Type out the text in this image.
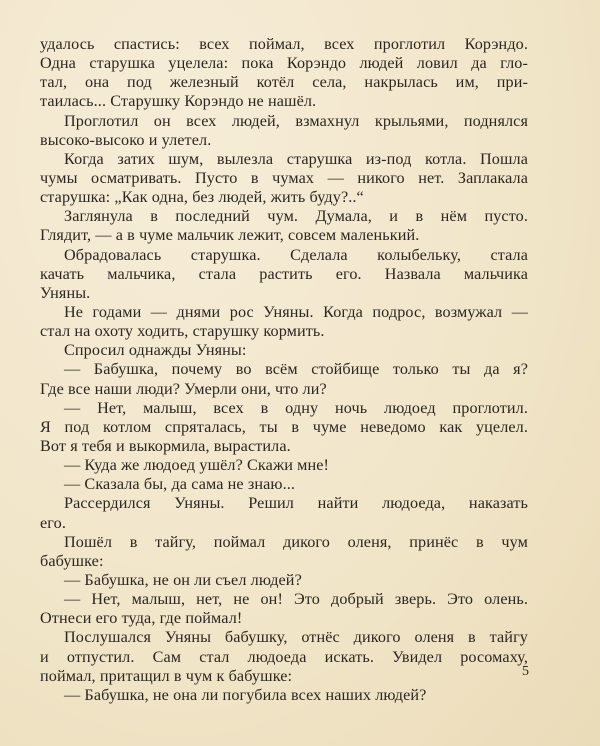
удалось спастись: всех поймал, всех проглотил Корэндо.
Одна старушка уцелела: пока Корэндо людей ловил да гло-
тал, она под железный котёл села, накрылась им, при-
таилась... Старушку Корэндо не нашёл.
Проглотил он всех людей, взмахнул крыльями, поднялся
высоко-высоко и улетел.
Когда затих шум, вылезла старушка из-под котла. Пошла
чумы осматривать. Пусто в чумах — никого нет. Заплакала
старушка: „Как одна, без людей, жить буду?..“
Заглянула в последний чум. Думала, и в нём пусто.
Глядит, — а в чуме мальчик лежит, совсем маленький.
Обрадовалась старушка. Сделала колыбельку, стала
качать мальчика, стала растить его. Назвала мальчика
Уняны.
Не годами — днями рос Уняны. Когда подрос, возмужал —
стал на охоту ходить, старушку кормить.
Спросил однажды Уняны:
— Бабушка, почему во всём стойбище только ты да я?
Где все наши люди? Умерли они, что ли?
— Нет, малыш, всех в одну ночь людоед проглотил.
Я под котлом спряталась, ты в чуме неведомо как уцелел.
Вот я тебя и выкормила, вырастила.
— Куда же людоед ушёл? Скажи мне!
— Сказала бы, да сама не знаю...
Рассердился Уняны. Решил найти людоеда, наказать
его.
Пошёл в тайгу, поймал дикого оленя, принёс в чум
бабушке:
— Бабушка, не он ли съел людей?
— Нет, малыш, нет, не он! Это добрый зверь. Это олень.
Отнеси его туда, где поймал!
Послушался Уняны бабушку, отнёс дикого оленя в тайгу
и отпустил. Сам стал людоеда искать. Увидел росомаху,
поймал, притащил в чум к бабушке:
— Бабушка, не она ли погубила всех наших людей?
5
